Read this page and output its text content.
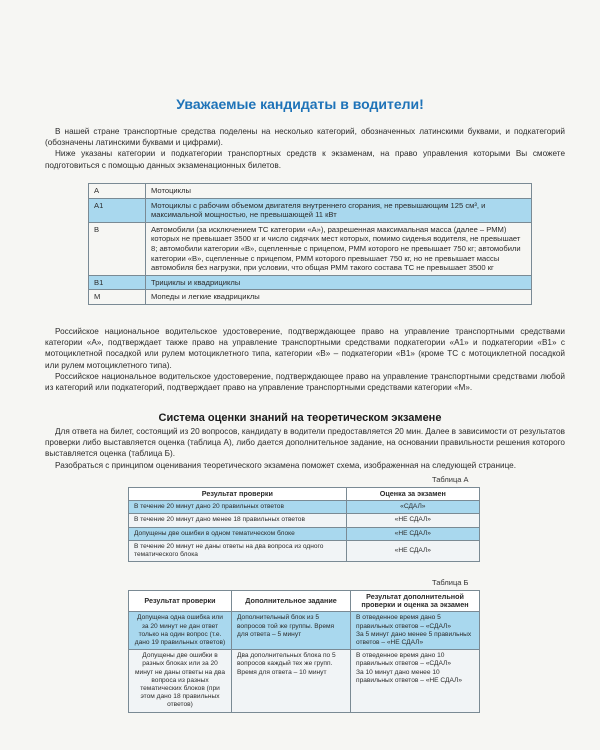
Уважаемые кандидаты в водители!

В нашей стране транспортные средства поделены на несколько категорий, обозначенных латинскими буквами, и подкатегорий (обозначены латинскими буквами и цифрами).

Ниже указаны категории и подкатегории транспортных средств к экзаменам, на право управления которыми Вы сможете подготовиться с помощью данных экзаменационных билетов.

А	Мотоциклы
А1	Мотоциклы с рабочим объемом двигателя внутреннего сгорания, не превышающим 125 см³, и максимальной мощностью, не превышающей 11 кВт
В	Автомобили (за исключением ТС категории «А»), разрешенная максимальная масса (далее – РММ) которых не превышает 3500 кг и число сидячих мест которых, помимо сиденья водителя, не превышает 8; автомобили категории «В», сцепленные с прицепом, РММ которого не превышает 750 кг; автомобили категории «В», сцепленные с прицепом, РММ которого превышает 750 кг, но не превышает массы автомобиля без нагрузки, при условии, что общая РММ такого состава ТС не превышает 3500 кг
В1	Трициклы и квадрициклы
М	Мопеды и легкие квадрициклы

Российское национальное водительское удостоверение, подтверждающее право на управление транспортными средствами категории «А», подтверждает также право на управление транспортными средствами подкатегории «А1» и подкатегории «В1» с мотоциклетной посадкой или рулем мотоциклетного типа, категории «В» – подкатегории «В1» (кроме ТС с мотоциклетной посадкой или рулем мотоциклетного типа).

Российское национальное водительское удостоверение, подтверждающее право на управление транспортными средствами любой из категорий или подкатегорий, подтверждает право на управление транспортными средствами категории «М».

Система оценки знаний на теоретическом экзамене

Для ответа на билет, состоящий из 20 вопросов, кандидату в водители предоставляется 20 мин. Далее в зависимости от результатов проверки либо выставляется оценка (таблица А), либо дается дополнительное задание, на основании правильности решения которого выставляется оценка (таблица Б).

Разобраться с принципом оценивания теоретического экзамена поможет схема, изображенная на следующей странице.

Таблица А
Результат проверки	Оценка за экзамен
В течение 20 минут дано 20 правильных ответов	«СДАЛ»
В течение 20 минут дано менее 18 правильных ответов	«НЕ СДАЛ»
Допущены две ошибки в одном тематическом блоке	«НЕ СДАЛ»
В течение 20 минут не даны ответы на два вопроса из одного тематического блока	«НЕ СДАЛ»
Таблица Б
Результат проверки	Дополнительное задание	Результат дополнительной проверки и оценка за экзамен
Допущена одна ошибка или за 20 минут не дан ответ только на один вопрос (т.е. дано 19 правильных ответов)	Дополнительный блок из 5 вопросов той же группы. Время для ответа – 5 минут	В отведенное время дано 5 правильных ответов – «СДАЛ»
За 5 минут дано менее 5 правильных ответов – «НЕ СДАЛ»

Допущены две ошибки в разных блоках или за 20 минут не даны ответы на два вопроса из разных тематических блоков (при этом дано 18 правильных ответов)	Два дополнительных блока по 5 вопросов каждый тех же групп. Время для ответа – 10 минут	В отведенное время дано 10 правильных ответов – «СДАЛ»
За 10 минут дано менее 10 правильных ответов – «НЕ СДАЛ»
